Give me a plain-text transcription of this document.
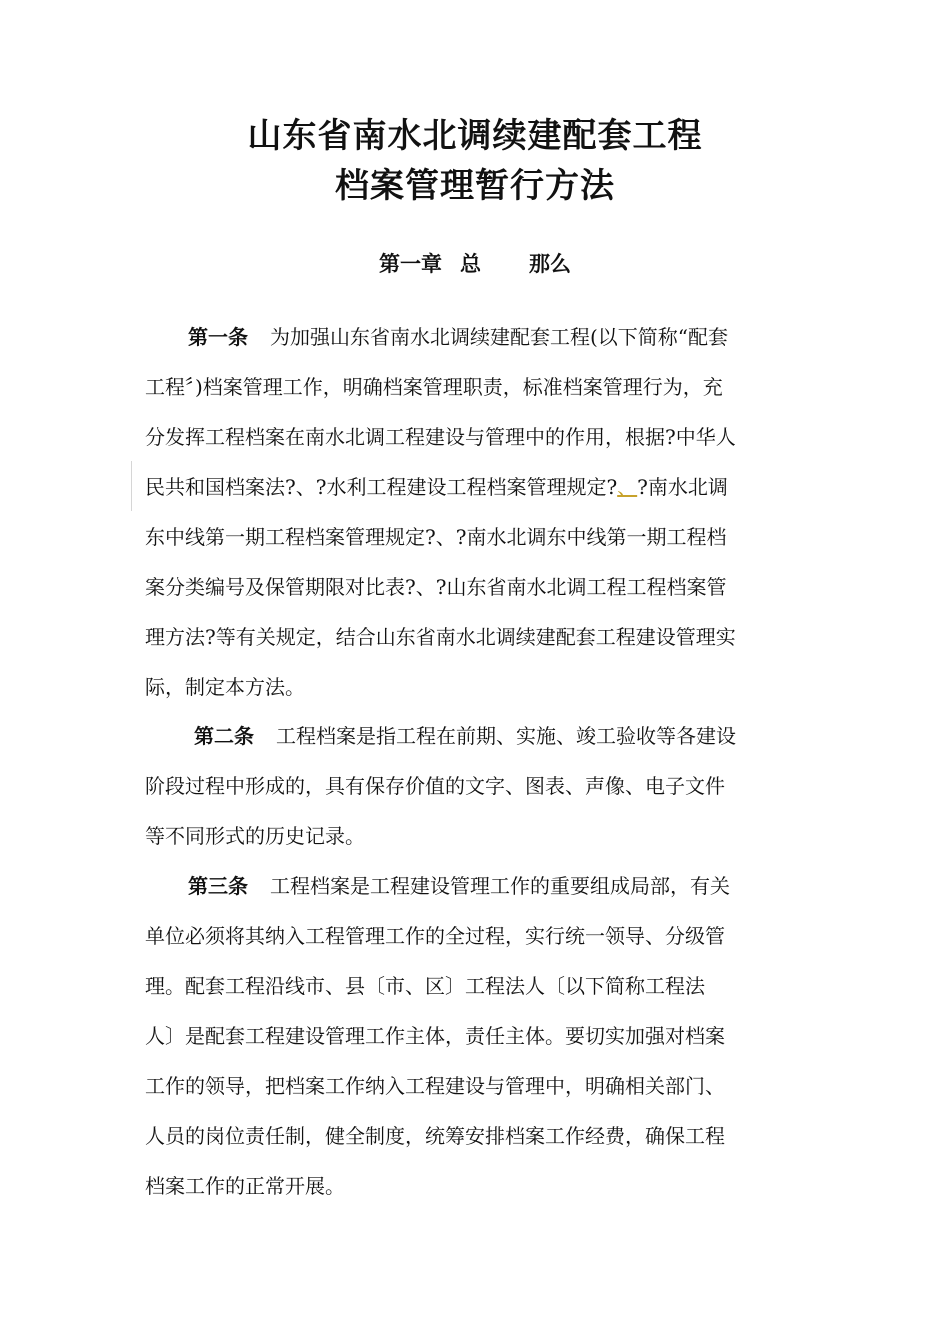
山东省南水北调续建配套工程
档案管理暂行方法
第一章 总 那么
第一条 为加强山东省南水北调续建配套工程(以下简称“配套
工程〞)档案管理工作，明确档案管理职责，标准档案管理行为，充
分发挥工程档案在南水北调工程建设与管理中的作用，根据?中华人
民共和国档案法?、?水利工程建设工程档案管理规定?、?南水北调
东中线第一期工程档案管理规定?、?南水北调东中线第一期工程档
案分类编号及保管期限对比表?、?山东省南水北调工程工程档案管
理方法?等有关规定，结合山东省南水北调续建配套工程建设管理实
际，制定本方法。
第二条 工程档案是指工程在前期、实施、竣工验收等各建设
阶段过程中形成的，具有保存价值的文字、图表、声像、电子文件
等不同形式的历史记录。
第三条 工程档案是工程建设管理工作的重要组成局部，有关
单位必须将其纳入工程管理工作的全过程，实行统一领导、分级管
理。配套工程沿线市、县〔市、区〕工程法人〔以下简称工程法
人〕是配套工程建设管理工作主体，责任主体。要切实加强对档案
工作的领导，把档案工作纳入工程建设与管理中，明确相关部门、
人员的岗位责任制，健全制度，统筹安排档案工作经费，确保工程
档案工作的正常开展。
